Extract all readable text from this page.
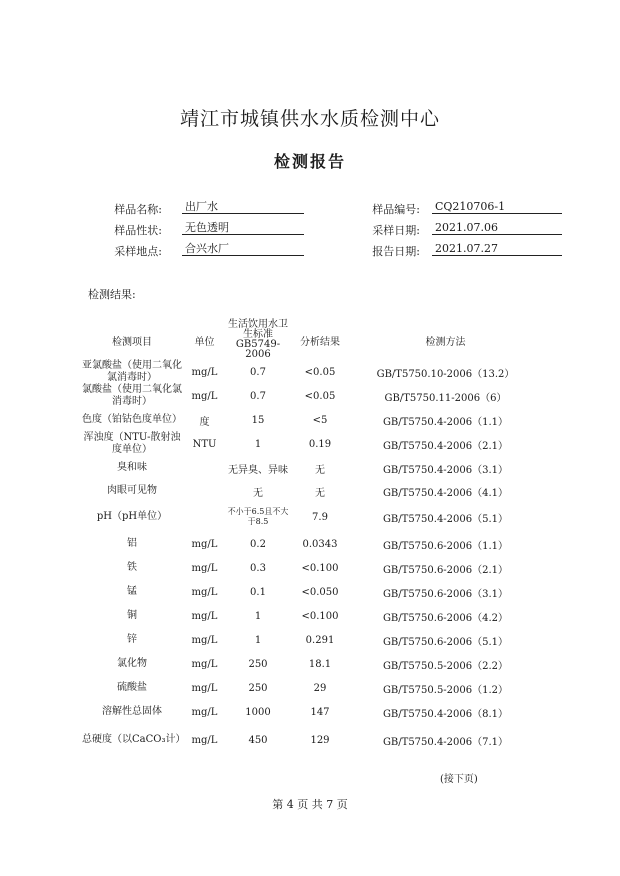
靖江市城镇供水水质检测中心
检测报告
样品名称: 出厂水
样品性状: 无色透明
采样地点: 合兴水厂
样品编号: CQ210706-1
采样日期: 2021.07.06
报告日期: 2021.07.27
检测结果:
检测项目	单位	生活饮用水卫生标准GB5749-2006	分析结果	检测方法
亚氯酸盐（使用二氧化氯消毒时）	mg/L	0.7	<0.05	GB/T5750.10-2006（13.2）
氯酸盐（使用二氧化氯消毒时）	mg/L	0.7	<0.05	GB/T5750.11-2006（6）
色度（铂钴色度单位）	度	15	<5	GB/T5750.4-2006（1.1）
浑浊度（NTU-散射浊度单位）	NTU	1	0.19	GB/T5750.4-2006（2.1）
臭和味		无异臭、异味	无	GB/T5750.4-2006（3.1）
肉眼可见物		无	无	GB/T5750.4-2006（4.1）
pH（pH单位）		不小于6.5且不大于8.5	7.9	GB/T5750.4-2006（5.1）
铝	mg/L	0.2	0.0343	GB/T5750.6-2006（1.1）
铁	mg/L	0.3	<0.100	GB/T5750.6-2006（2.1）
锰	mg/L	0.1	<0.050	GB/T5750.6-2006（3.1）
铜	mg/L	1	<0.100	GB/T5750.6-2006（4.2）
锌	mg/L	1	0.291	GB/T5750.6-2006（5.1）
氯化物	mg/L	250	18.1	GB/T5750.5-2006（2.2）
硫酸盐	mg/L	250	29	GB/T5750.5-2006（1.2）
溶解性总固体	mg/L	1000	147	GB/T5750.4-2006（8.1）
总硬度（以CaCO₃计）	mg/L	450	129	GB/T5750.4-2006（7.1）
(接下页)
第 4 页 共 7 页
